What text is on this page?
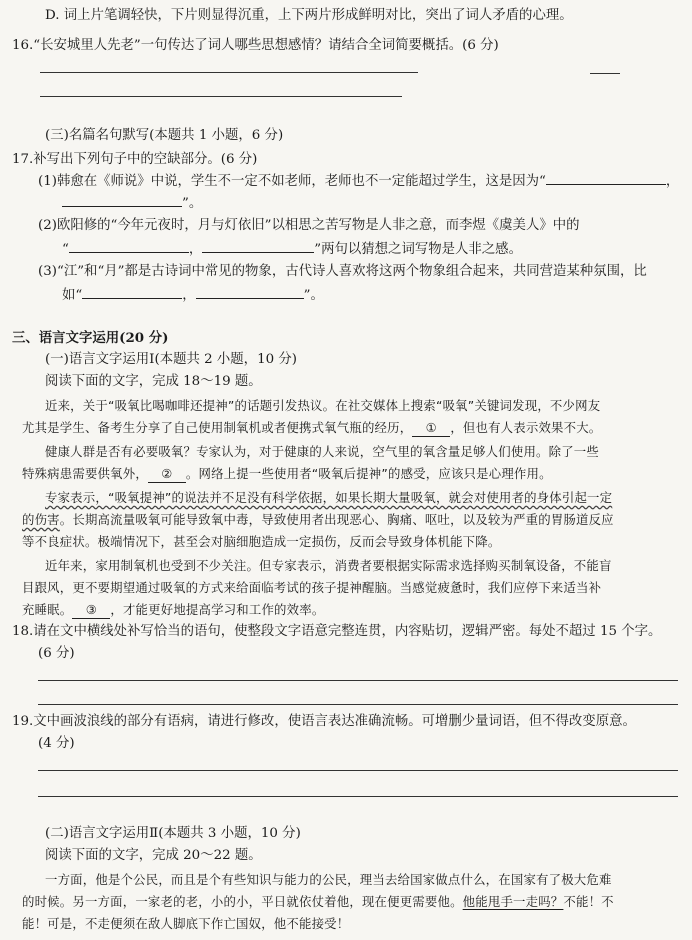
D. 词上片笔调轻快，下片则显得沉重，上下两片形成鲜明对比，突出了词人矛盾的心理。
16.“长安城里人先老”一句传达了词人哪些思想感情？请结合全词简要概括。(6 分)
(三)名篇名句默写(本题共 1 小题，6 分)
17.补写出下列句子中的空缺部分。(6 分)
(1)韩愈在《师说》中说，学生不一定不如老师，老师也不一定能超过学生，这是因为“	，
”。
(2)欧阳修的“今年元夜时，月与灯依旧”以相思之苦写物是人非之意，而李煜《虞美人》中的
“	，	”两句以猜想之词写物是人非之感。
(3)“江”和“月”都是古诗词中常见的物象，古代诗人喜欢将这两个物象组合起来，共同营造某种氛围，比
如“	，	”。
三、语言文字运用(20 分)
(一)语言文字运用Ⅰ(本题共 2 小题，10 分)
阅读下面的文字，完成 18～19 题。
近来，关于“吸氧比喝咖啡还提神”的话题引发热议。在社交媒体上搜索“吸氧”关键词发现，不少网友
尤其是学生、备考生分享了自己使用制氧机或者便携式氧气瓶的经历， ① ，但也有人表示效果不大。
健康人群是否有必要吸氧？专家认为，对于健康的人来说，空气里的氧含量足够人们使用。除了一些
特殊病患需要供氧外， ② 。网络上提一些使用者“吸氧后提神”的感受，应该只是心理作用。
专家表示，“吸氧提神”的说法并不足没有科学依据，如果长期大量吸氧，就会对使用者的身体引起一定
的伤害。长期高流量吸氧可能导致氧中毒，导致使用者出现恶心、胸痛、呕吐，以及较为严重的胃肠道反应
等不良症状。极端情况下，甚至会对脑细胞造成一定损伤，反而会导致身体机能下降。
近年来，家用制氧机也受到不少关注。但专家表示，消费者要根据实际需求选择购买制氧设备，不能盲
目跟风，更不要期望通过吸氧的方式来给面临考试的孩子提神醒脑。当感觉疲惫时，我们应停下来适当补
充睡眠。 ③ ，才能更好地提高学习和工作的效率。
18.请在文中横线处补写恰当的语句，使整段文字语意完整连贯，内容贴切，逻辑严密。每处不超过 15 个字。
(6 分)
19.文中画波浪线的部分有语病，请进行修改，使语言表达准确流畅。可增删少量词语，但不得改变原意。
(4 分)
(二)语言文字运用Ⅱ(本题共 3 小题，10 分)
阅读下面的文字，完成 20～22 题。
一方面，他是个公民，而且是个有些知识与能力的公民，理当去给国家做点什么，在国家有了极大危难
的时候。另一方面，一家老的老，小的小，平日就依仗着他，现在便更需要他。他能甩手一走吗？不能！不
能！可是，不走便须在敌人脚底下作亡国奴，他不能接受！
